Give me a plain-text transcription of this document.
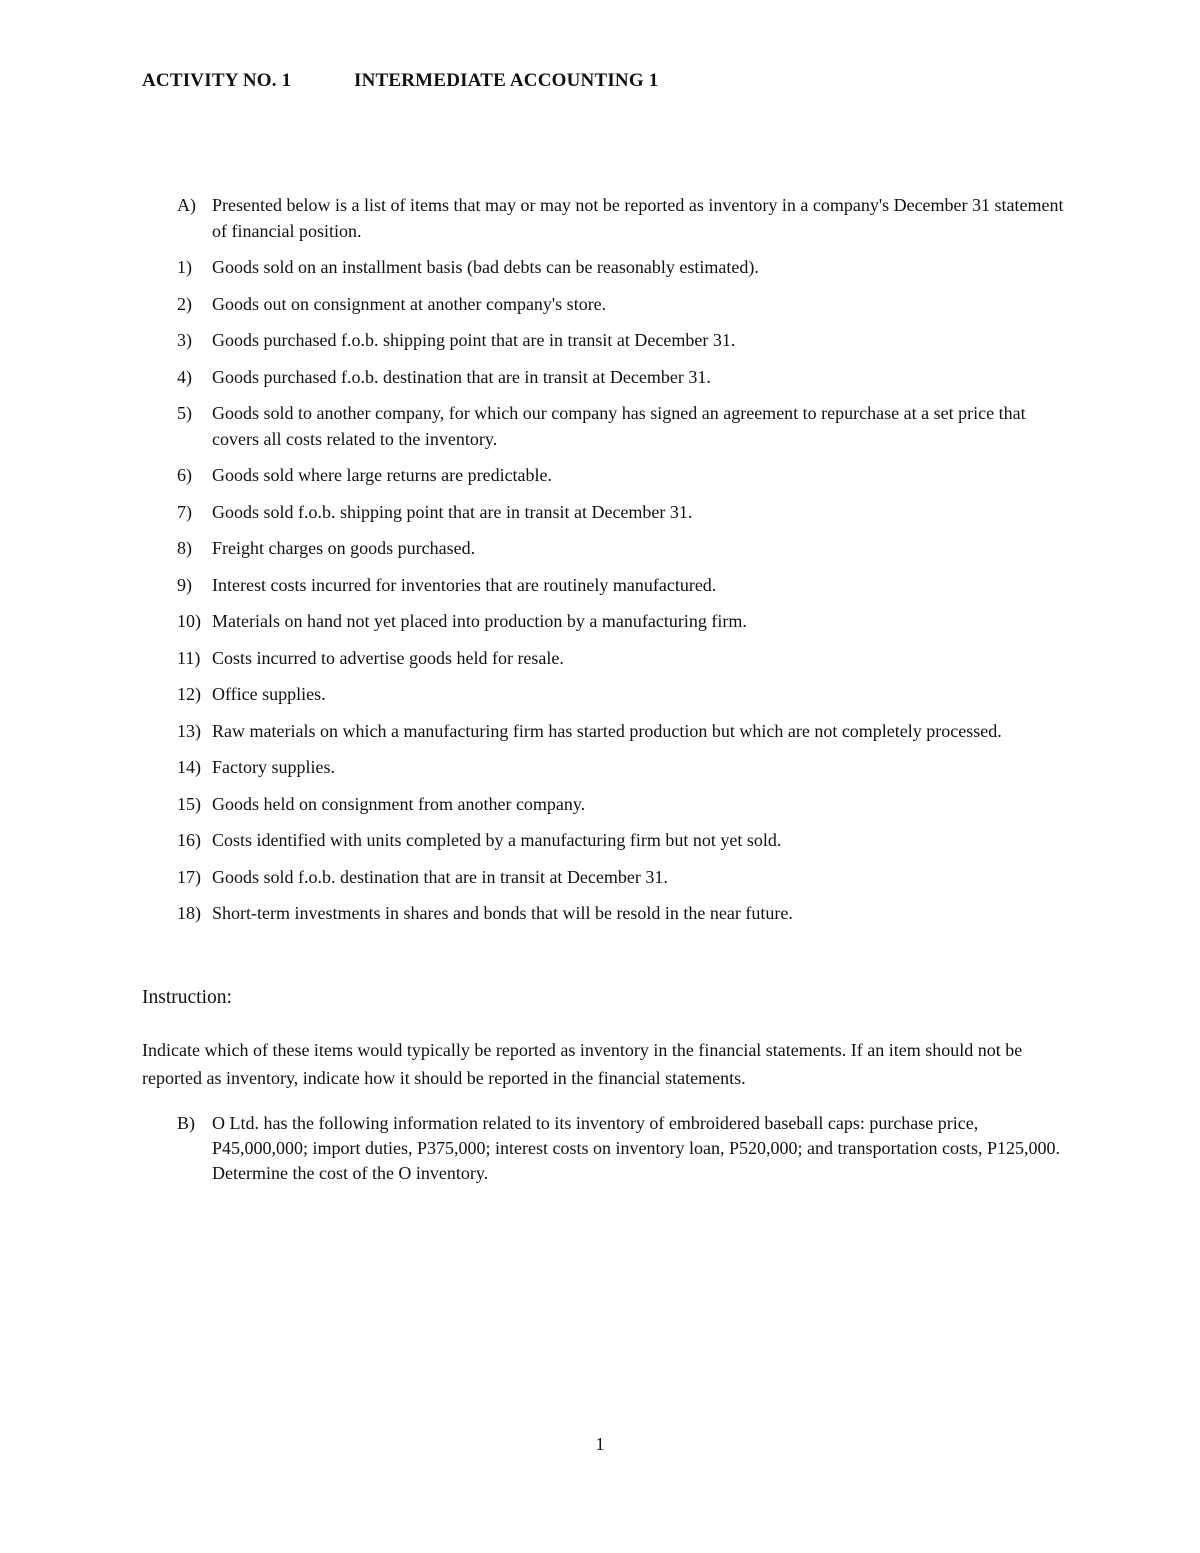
ACTIVITY NO. 1	INTERMEDIATE ACCOUNTING 1
A) Presented below is a list of items that may or may not be reported as inventory in a company's December 31 statement of financial position.
1)	Goods sold on an installment basis (bad debts can be reasonably estimated).
2)	Goods out on consignment at another company's store.
3)	Goods purchased f.o.b. shipping point that are in transit at December 31.
4)	Goods purchased f.o.b. destination that are in transit at December 31.
5)	Goods sold to another company, for which our company has signed an agreement to repurchase at a set price that covers all costs related to the inventory.
6)	Goods sold where large returns are predictable.
7)	Goods sold f.o.b. shipping point that are in transit at December 31.
8)	Freight charges on goods purchased.
9)	Interest costs incurred for inventories that are routinely manufactured.
10) Materials on hand not yet placed into production by a manufacturing firm.
11) Costs incurred to advertise goods held for resale.
12) Office supplies.
13) Raw materials on which a manufacturing firm has started production but which are not completely processed.
14) Factory supplies.
15) Goods held on consignment from another company.
16) Costs identified with units completed by a manufacturing firm but not yet sold.
17) Goods sold f.o.b. destination that are in transit at December 31.
18) Short-term investments in shares and bonds that will be resold in the near future.
Instruction:
Indicate which of these items would typically be reported as inventory in the financial statements. If an item should not be reported as inventory, indicate how it should be reported in the financial statements.
B) O Ltd. has the following information related to its inventory of embroidered baseball caps: purchase price, P45,000,000; import duties, P375,000; interest costs on inventory loan, P520,000; and transportation costs, P125,000. Determine the cost of the O inventory.
1
